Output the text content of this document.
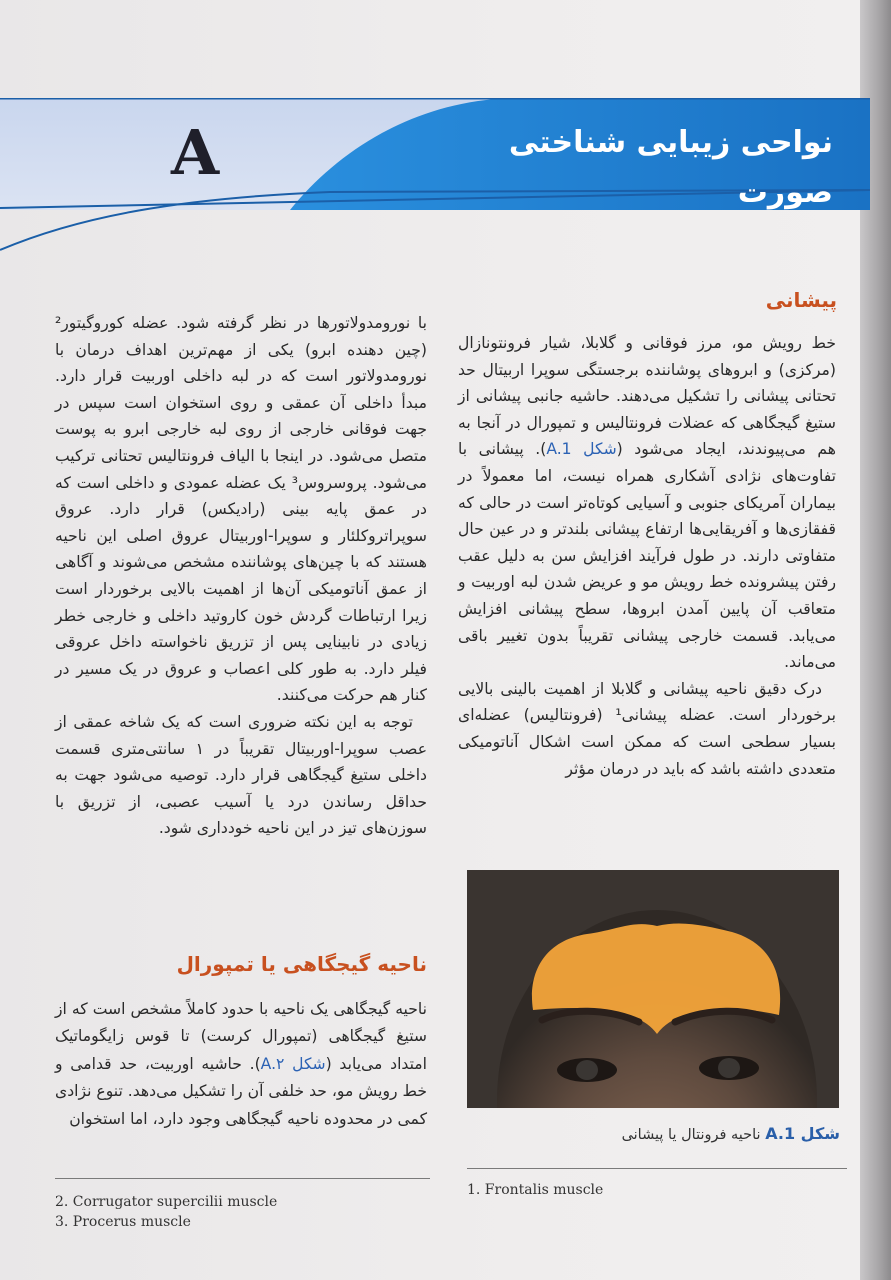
A	نواحی زیبایی شناختی صورت
پیشانی

با نورومدولاتورها در نظر گرفته شود. عضله کوروگیتور² (چین دهنده ابرو) یکی از مهم‌ترین اهداف درمان با نورومدولاتور است که در لبه داخلی اوربیت قرار دارد. مبدأ داخلی آن عمقی و روی استخوان است سپس در جهت فوقانی خارجی از روی لبه خارجی ابرو به پوست متصل می‌شود. در اینجا با الیاف فرونتالیس تحتانی ترکیب می‌شود. پروسروس³ یک عضله عمودی و داخلی است که در عمق پایه بینی (رادیکس) قرار دارد. عروق سوپراتروکلئار و سوپرا-اوربیتال عروق اصلی این ناحیه هستند که با چین‌های پوشاننده مشخص می‌شوند و آگاهی از عمق آناتومیکی آن‌ها از اهمیت بالایی برخوردار است زیرا ارتباطات گردش خون کاروتید داخلی و خارجی خطر زیادی در نابینایی پس از تزریق ناخواسته داخل عروقی فیلر دارد. به طور کلی اعصاب و عروق در یک مسیر در کنار هم حرکت می‌کنند.

توجه به این نکته ضروری است که یک شاخه عمقی از عصب سوپرا-اوربیتال تقریباً در ۱ سانتی‌متری قسمت داخلی ستیغ گیجگاهی قرار دارد. توصیه می‌شود جهت به حداقل رساندن درد یا آسیب عصبی، از تزریق با سوزن‌های تیز در این ناحیه خودداری شود.

ناحیه گیجگاهی یا تمپورال

ناحیه گیجگاهی یک ناحیه با حدود کاملاً مشخص است که از ستیغ گیجگاهی (تمپورال کرست) تا قوس زایگوماتیک امتداد می‌یابد (شکل A.۲). حاشیه اوربیت، حد قدامی و خط رویش مو، حد خلفی آن را تشکیل می‌دهد. تنوع نژادی کمی در محدوده ناحیه گیجگاهی وجود دارد، اما استخوان

خط رویش مو، مرز فوقانی و گلابلا، شیار فرونتونازال (مرکزی) و ابروهای پوشاننده برجستگی سوپرا اربیتال حد تحتانی پیشانی را تشکیل می‌دهند. حاشیه جانبی پیشانی از ستیغ گیجگاهی که عضلات فرونتالیس و تمپورال در آنجا به هم می‌پیوندند، ایجاد می‌شود (شکل A.1). پیشانی با تفاوت‌های نژادی آشکاری همراه نیست، اما معمولاً در بیماران آمریکای جنوبی و آسیایی کوتاه‌تر است در حالی که قفقازی‌ها و آفریقایی‌ها ارتفاع پیشانی بلندتر و در عین حال متفاوتی دارند. در طول فرآیند افزایش سن به دلیل عقب رفتن پیشرونده خط رویش مو و عریض شدن لبه اوربیت و متعاقب آن پایین آمدن ابروها، سطح پیشانی افزایش می‌یابد. قسمت خارجی پیشانی تقریباً بدون تغییر باقی می‌ماند.

درک دقیق ناحیه پیشانی و گلابلا از اهمیت بالینی بالایی برخوردار است. عضله پیشانی¹ (فرونتالیس) عضله‌ای بسیار سطحی است که ممکن است اشکال آناتومیکی متعددی داشته باشد که باید در درمان مؤثر

شکل A.1 ناحیه فرونتال یا پیشانی
2. Corrugator supercilii muscle
3. Procerus muscle
1. Frontalis muscle
